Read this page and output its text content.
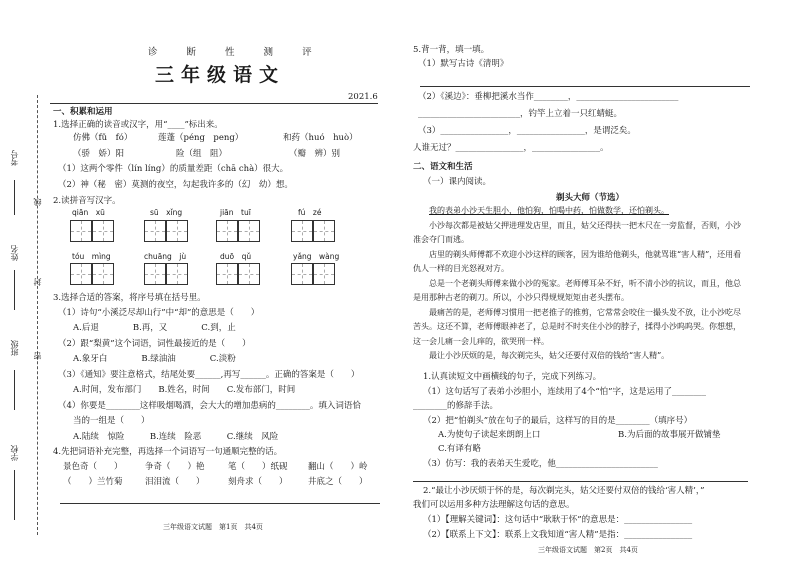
考号
线
姓名
封
班级 密
学校
诊 断 性 测 评
三年级语文
2021.6
一、积累和运用
1.选择正确的读音或汉字，用“____”标出来。
仿佛（fǔ　fó）	莲蓬（péng　peng）	和药（huó　huò）
（骄　娇）阳	险（组　阻）	（瓣　辨）别
（1）这两个零件（lín líng）的质量差距（chā chà）很大。
（2）神（秘　密）莫测的夜空，勾起我许多的（幻　幼）想。
2.读拼音写汉字。
qiān　xū	sū　xǐng	jiān　tuī	fú　zé
tóu　mìng	chuāng　jù	duō　qǔ	yǎng　wàng
3.选择合适的答案，将序号填在括号里。
（1）诗句“小溪泛尽却山行”中“却”的意思是（　　）
A.后退　　　　B.再，又　　　　C.到，止
（2）跟“梨黄”这个词语，词性最接近的是（　　）
A.象牙白　　　　B.绿油油　　　　C.淡粉
（3）《通知》要注意格式，结尾处要______,再写______。正确的答案是（　　）
A.时间，发布部门　　B.姓名，时间　　C.发布部门，时间
（4）你要是________这样吸烟喝酒，会大大的增加患病的________。填入词语恰
当的一组是（　　）
A.陆续　惊险　　　B.连续　险恶　　　C.继续　风险
4.先把词语补充完整，再选择一个词语写一句通顺完整的话。
景色奇（　　）	争奇（　　）艳	笔（　　）纸砚 翻山（　　）岭
（　　）兰竹菊	泪泪流（　　）	刻舟求（　　） 井底之（　　）
三年级语文试题　第1页　共4页
5.背一背，填一填。
（1）默写古诗《清明》
（2）《溪边》：垂柳把溪水当作________，________________________
________________________，钓竿上立着一只红蜻蜓。
（3）________________，________________，是谓泛矣。
人谁无过？________________，________________。
二、语文和生活
（一）课内阅读。
剃头大师（节选）

我的表弟小沙天生胆小，他怕狗，怕喝中药，怕做数学，还怕剃头。

小沙每次都是被姑父押进理发店里，而且，姑父还得扶一把木尺在一旁监督，否则，小沙准会夺门而逃。

店里的剃头师傅都不欢迎小沙这样的顾客，因为谁给他剃头，他就骂谁“害人精”，还用看仇人一样的目光怒视对方。

总是一个老剃头师傅来做小沙的冤家。老师傅耳朵不好，听不清小沙的抗议，而且，他总是用那种古老的剃刀。所以，小沙只得规规矩矩由老头摆布。

最痛苦的是，老师傅习惯用一把老推子的推剪，它常常会咬住一撮头发不放，让小沙吃尽苦头。这还不算，老师傅眼神老了，总是时不时夹住小沙的脖子，揉得小沙呜呜哭。你想想，这一会儿痛一会儿痒的，欲哭刑一样。

最让小沙厌烦的是，每次剃完头，姑父还要付双倍的钱给“害人精”。

1.认真读短文中画横线的句子，完成下列练习。
（1）这句话写了表弟小沙胆小，连续用了4个“怕”字，这是运用了________
________的修辞手法。
（2）把“怕剃头”放在句子的最后，这样写的目的是________（填序号）
A.为使句子读起来朗朗上口	B.为后面的故事展开做铺垫
C.有译有略
（3）仿写：我的表弟天生爱吃，他________________________
2.“最让小沙厌烦于怀的是，每次剃完头，姑父还要付双倍的钱给‘害人精’，”
我们可以运用多种方法理解这句话的意思。
（1）【理解关键词】：这句话中“耿耿于怀”的意思是：________________
（2）【联系上下文】：联系上文我知道“害人精”是指：________________
三年级语文试题　第2页　共4页
